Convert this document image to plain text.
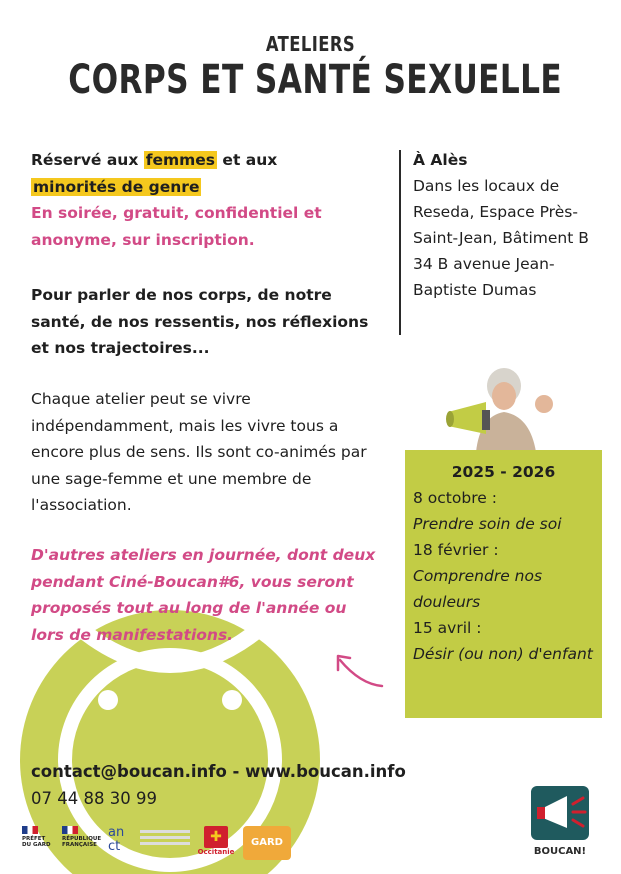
ATELIERS
CORPS ET SANTÉ SEXUELLE
Réservé aux femmes et aux
minorités de genre
En soirée, gratuit, confidentiel et anonyme, sur inscription.

Pour parler de nos corps, de notre santé, de nos ressentis, nos réflexions et nos trajectoires...

Chaque atelier peut se vivre indépendamment, mais les vivre tous a encore plus de sens. Ils sont co-animés par une sage-femme et une membre de l'association.

D'autres ateliers en journée, dont deux pendant Ciné-Boucan#6, vous seront proposés tout au long de l'année ou lors de manifestations.

À Alès
Dans les locaux de Reseda, Espace Près-Saint-Jean, Bâtiment B 34 B avenue Jean-Baptiste Dumas
2025 - 2026
8 octobre :
Prendre soin de soi
18 février :
Comprendre nos douleurs
15 avril :
Désir (ou non) d'enfant
contact@boucan.info - www.boucan.info
07 44 88 30 99
PRÉFET
DU GARD
RÉPUBLIQUE
FRANÇAISE
an ct
✚
Occitanie
GARD
BOUCAN!
